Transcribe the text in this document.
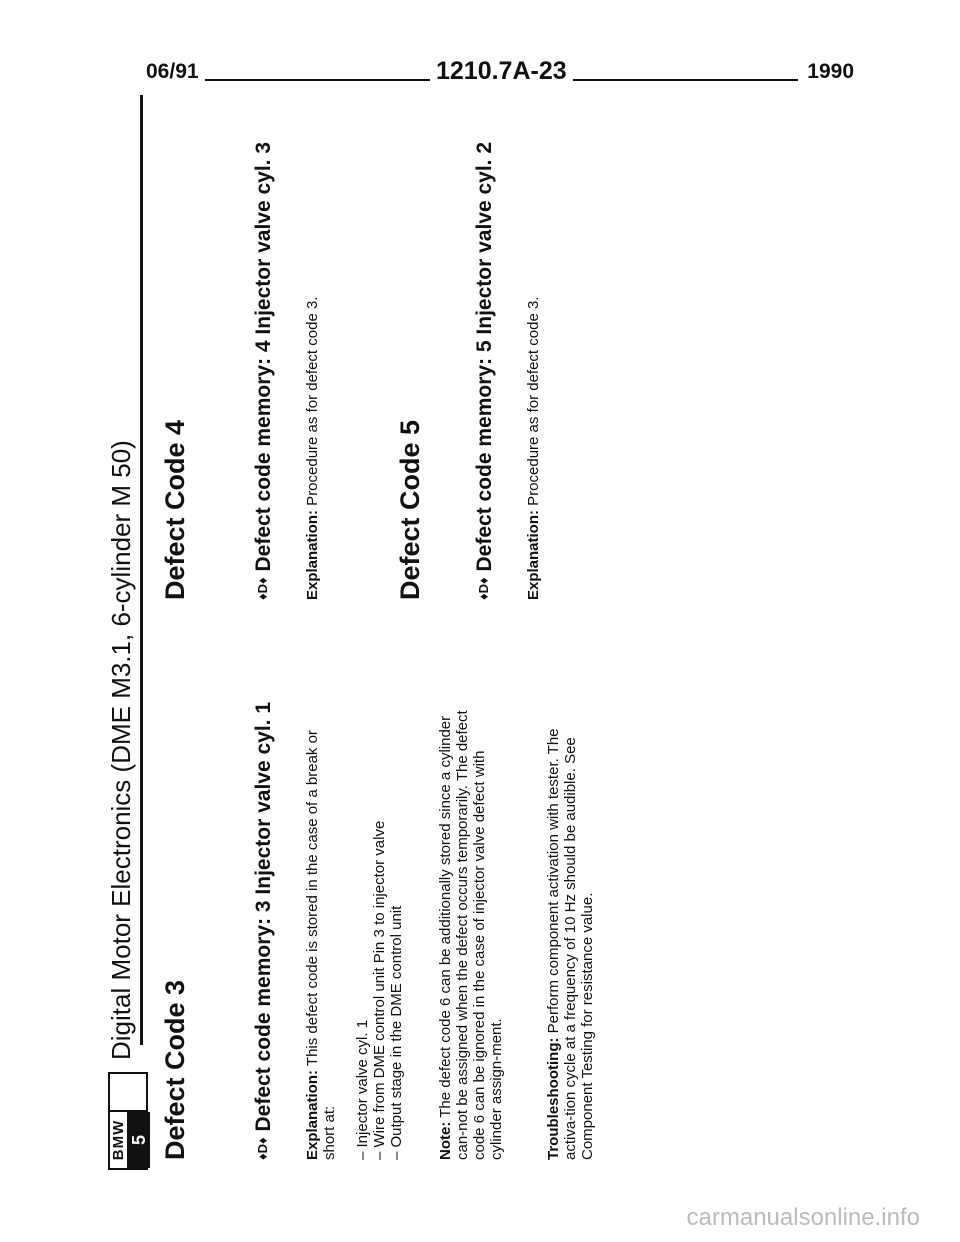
06/91	1210.7A-23	1990
BMW 5
Digital Motor Electronics (DME M3.1, 6-cylinder M 50)
Defect Code 3	♦D♦ Defect code memory: 3 Injector valve cyl. 1	Explanation: This defect code is stored in the case of a break or short at: – Injector valve cyl. 1 – Wire from DME control unit Pin 3 to injector valve – Output stage in the DME control unit Note: The defect code 6 can be additionally stored since a cylinder can-not be assigned when the defect occurs temporarily. The defect code 6 can be ignored in the case of injector valve defect with cylinder assign-ment.	Troubleshooting: Perform component activation with tester. The activa-tion cycle at a frequency of 10 Hz should be audible. See Component Testing for resistance value.

Defect Code 4	♦D♦ Defect code memory: 4 Injector valve cyl. 3	Explanation: Procedure as for defect code 3.	Defect Code 5	♦D♦ Defect code memory: 5 Injector valve cyl. 2	Explanation: Procedure as for defect code 3.

carmanualsonline.info
